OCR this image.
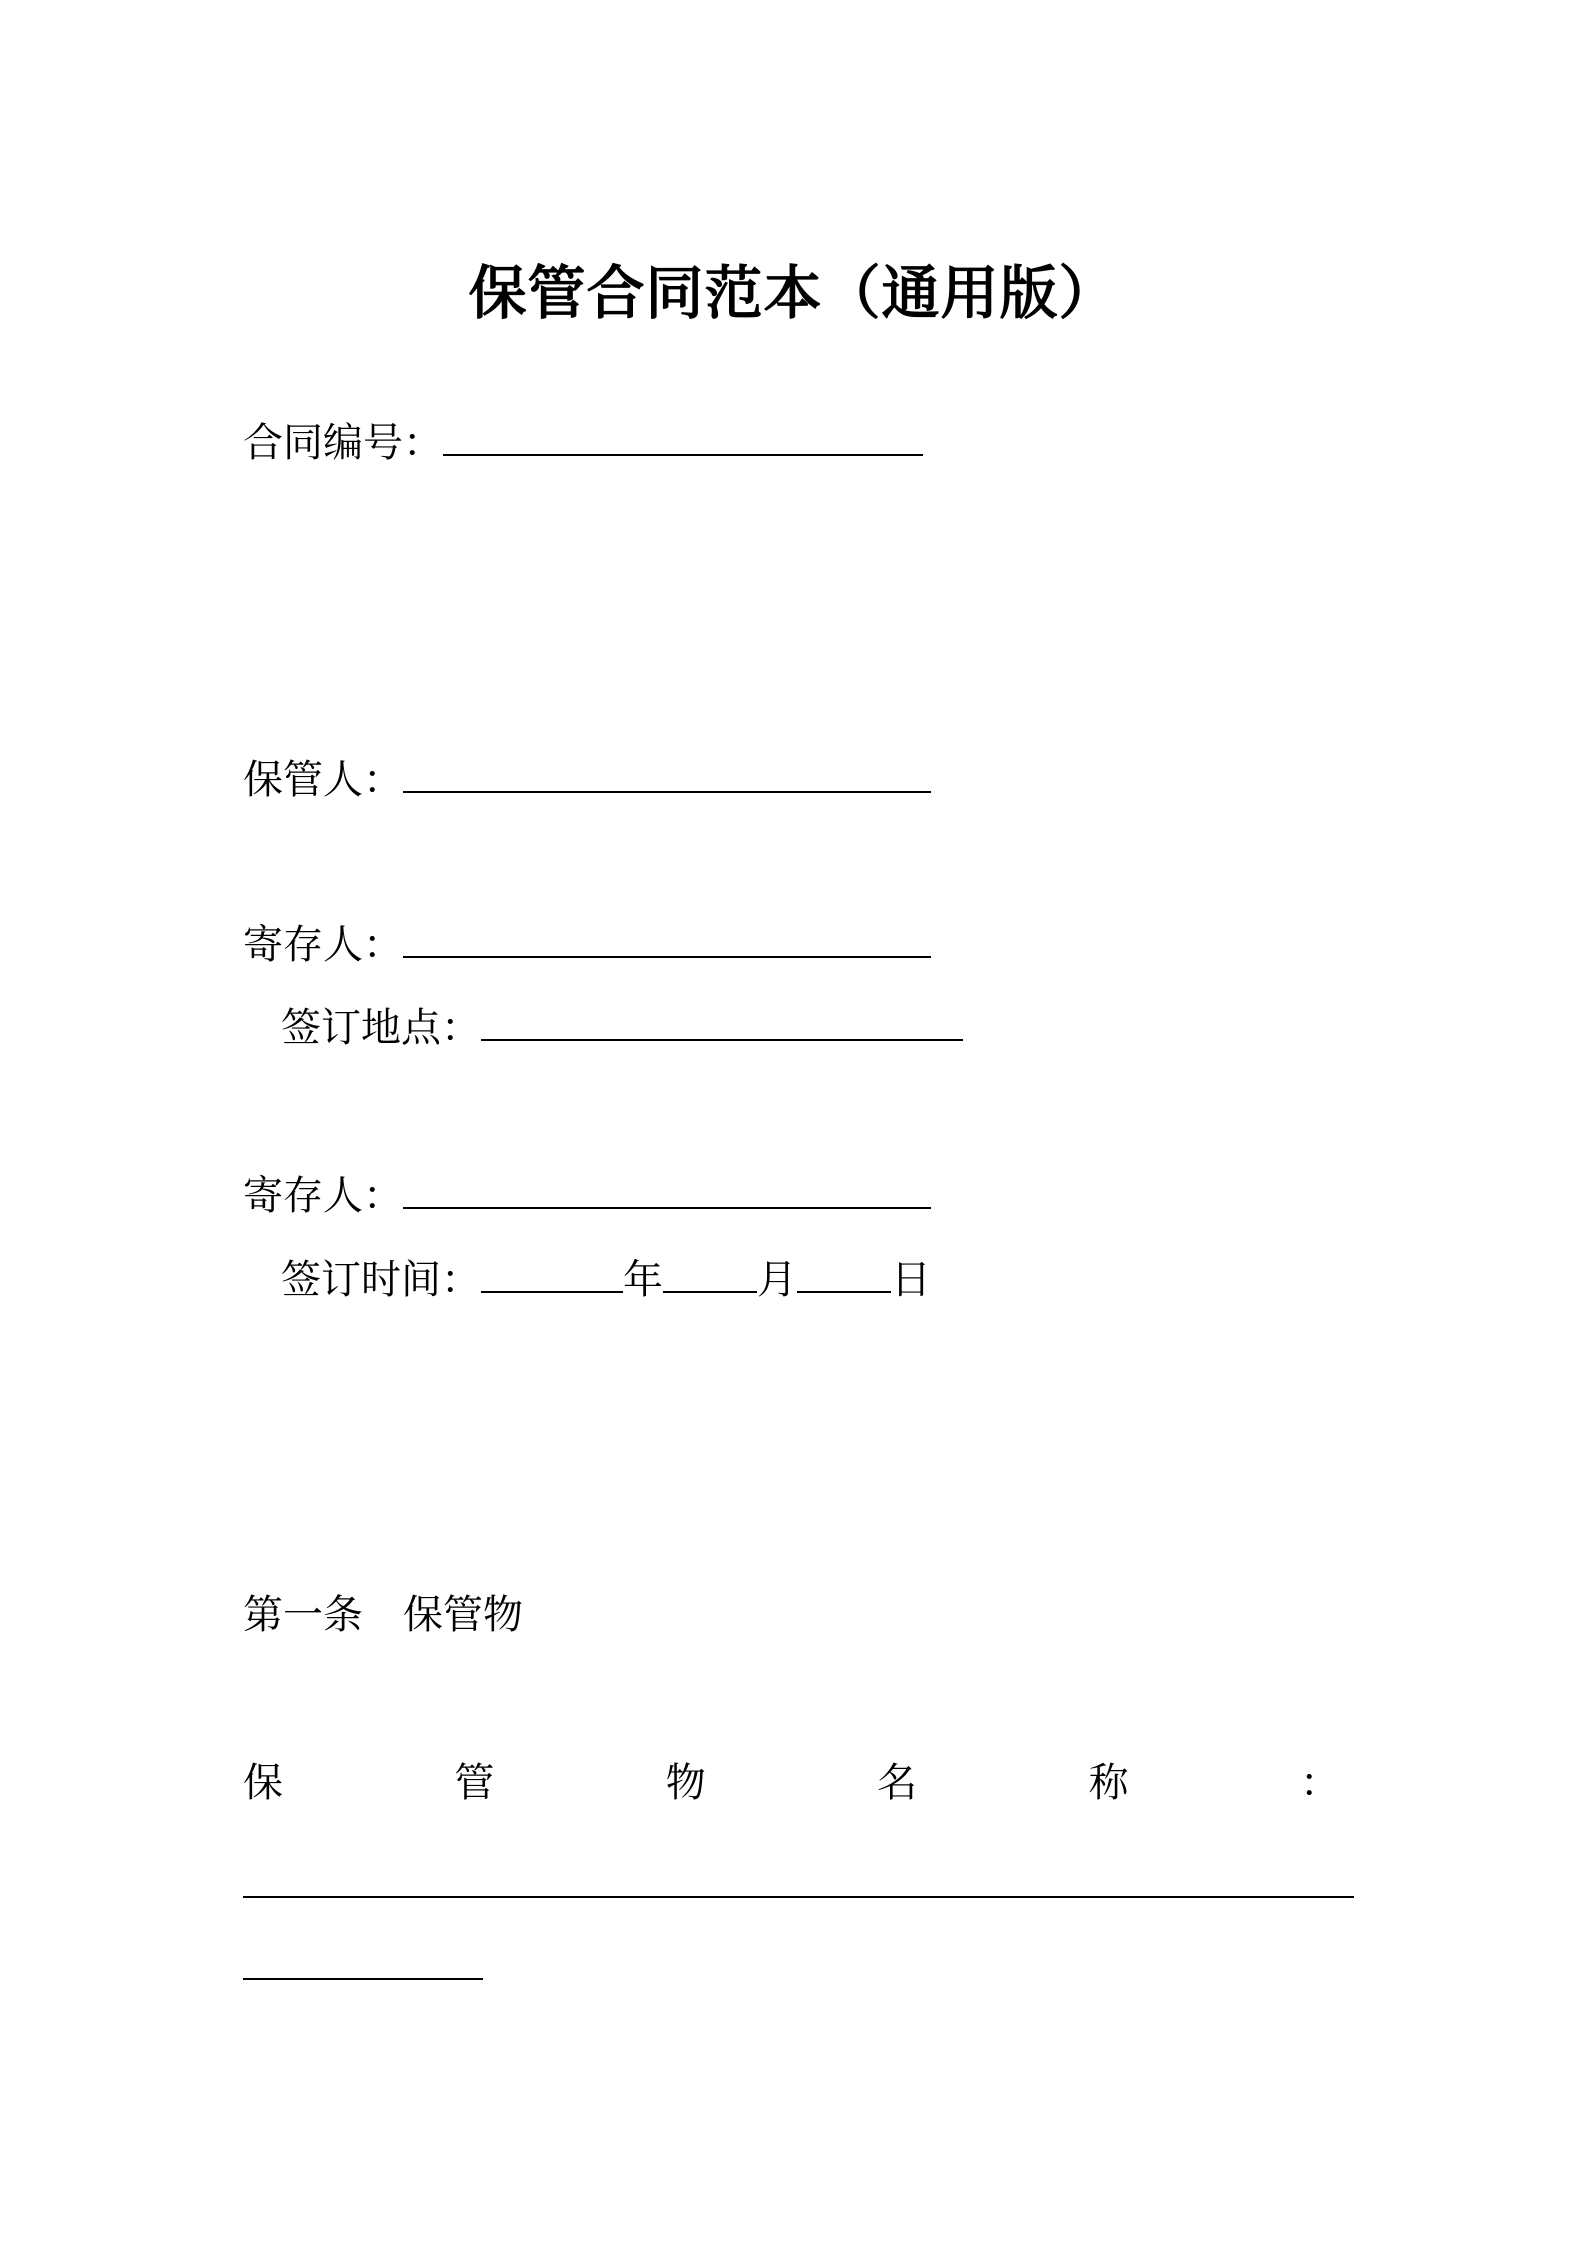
保管合同范本（通用版）
合同编号：
保管人：
寄存人：
签订地点：
寄存人：
签订时间：	年 月 日
第一条　保管物
保	管	物	名	称	：
